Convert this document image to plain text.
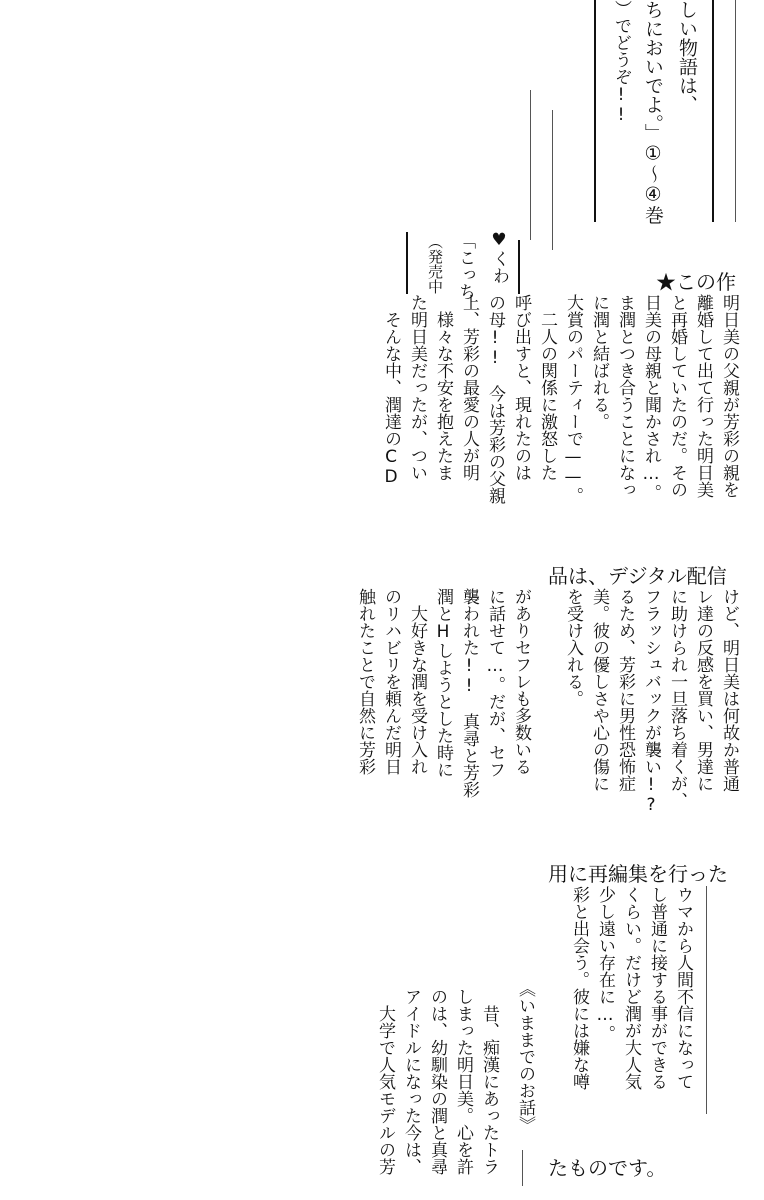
しい物語は、
ちにおいでよ。」①〜④巻
）でどうぞ!!
♥くわ
「こっち
（発売中	★この作
品は、デジタル配信
用に再編集を行った
たものです。
明日美の父親が芳彩の親を
離婚して出て行った明日美
と再婚していたのだ。その
日美の母親と聞かされ…。
ま潤とつき合うことになっ
に潤と結ばれる。
大賞のパーティーで——。
　二人の関係に激怒した
呼び出すと、現れたのは
の母!!　今は芳彩の父親
上、芳彩の最愛の人が明
　様々な不安を抱えたま
た明日美だったが、つい
　そんな中、潤達のCD
けど、明日美は何故か普通
レ達の反感を買い、男達に
に助けられ一旦落ち着くが、
フラッシュバックが襲い!?
るため、芳彩に男性恐怖症
美。彼の優しさや心の傷に
を受け入れる。

がありセフレも多数いる
に話せて…。だが、セフ
襲われた!!　真尋と芳彩
潤とHしようとした時に
　大好きな潤を受け入れ
のリハビリを頼んだ明日
触れたことで自然に芳彩
ウマから人間不信になって
し普通に接する事ができる
くらい。だけど潤が大人気
少し遠い存在に…。
彩と出会う。彼には嫌な噂
《いままでのお話》

　昔、痴漢にあったトラ
しまった明日美。心を許
のは、幼馴染の潤と真尋
アイドルになった今は、
　大学で人気モデルの芳
